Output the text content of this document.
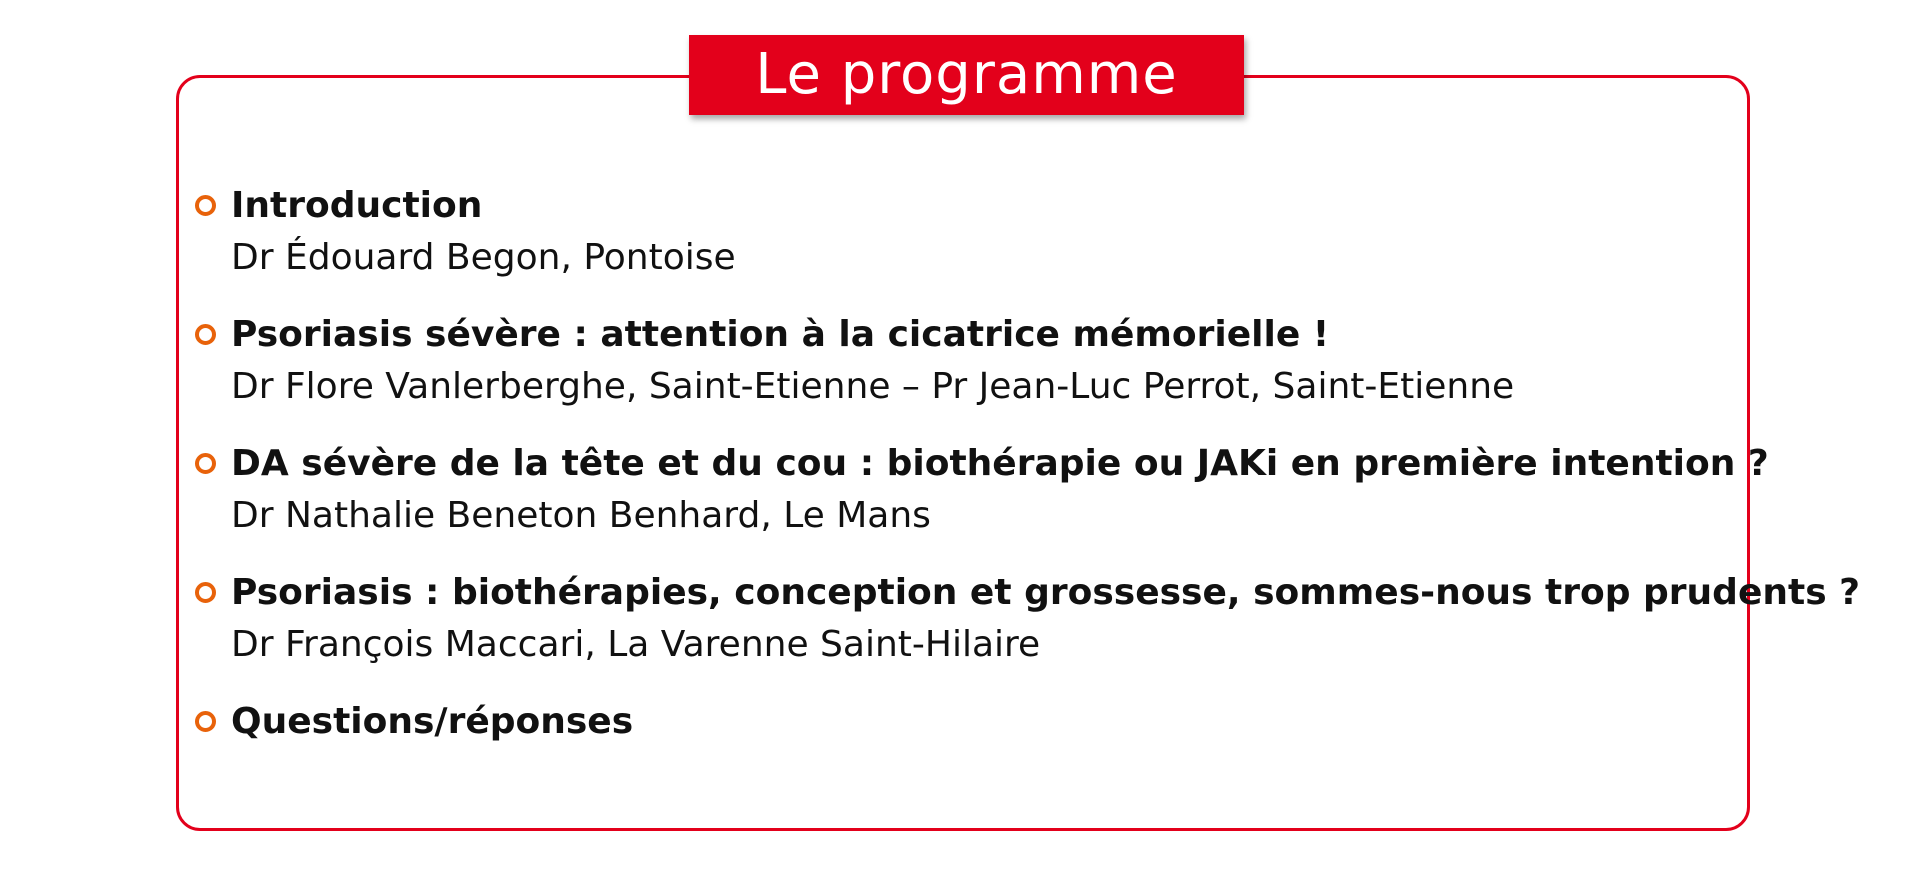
Le programme
Introduction
Dr Édouard Begon, Pontoise
Psoriasis sévère : attention à la cicatrice mémorielle !
Dr Flore Vanlerberghe, Saint-Etienne – Pr Jean-Luc Perrot, Saint-Etienne
DA sévère de la tête et du cou : biothérapie ou JAKi en première intention ?
Dr Nathalie Beneton Benhard, Le Mans
Psoriasis : biothérapies, conception et grossesse, sommes-nous trop prudents ?
Dr François Maccari, La Varenne Saint-Hilaire
Questions/réponses
